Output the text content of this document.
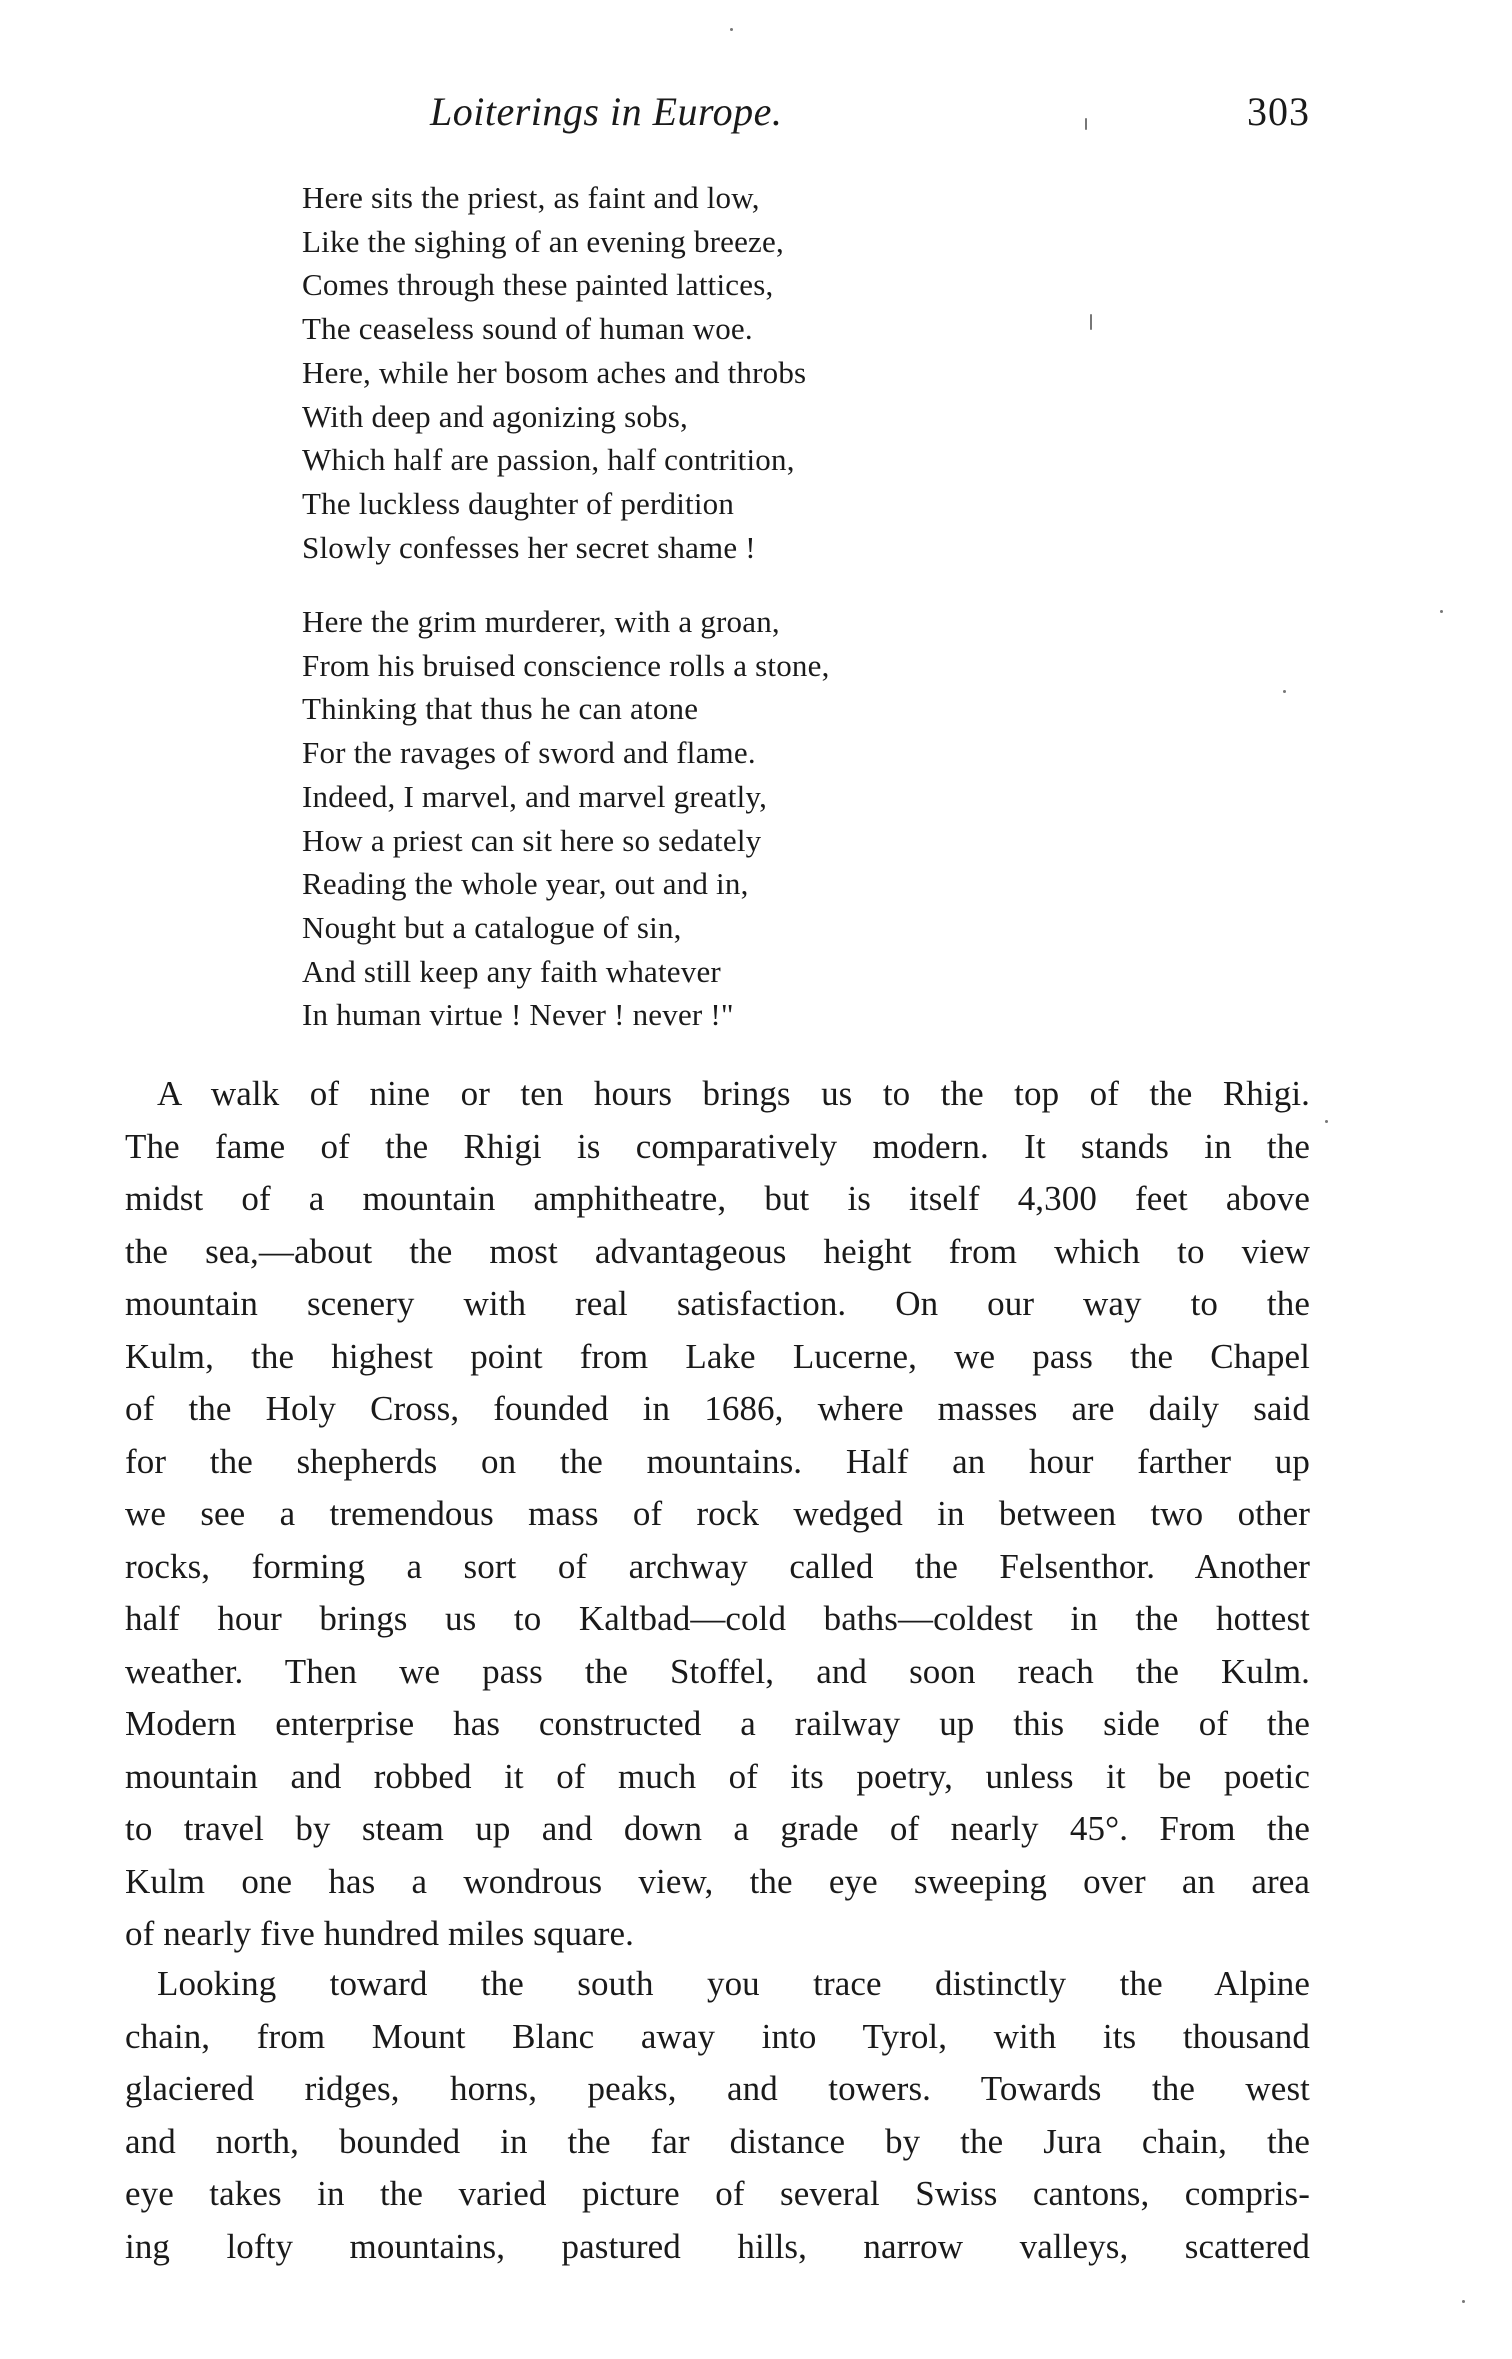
Loiterings in Europe.	303
Here sits the priest, as faint and low,
Like the sighing of an evening breeze,
Comes through these painted lattices,
The ceaseless sound of human woe.
Here, while her bosom aches and throbs
With deep and agonizing sobs,
Which half are passion, half contrition,
The luckless daughter of perdition
Slowly confesses her secret shame !
Here the grim murderer, with a groan,
From his bruised conscience rolls a stone,
Thinking that thus he can atone
For the ravages of sword and flame.
Indeed, I marvel, and marvel greatly,
How a priest can sit here so sedately
Reading the whole year, out and in,
Nought but a catalogue of sin,
And still keep any faith whatever
In human virtue ! Never ! never !"
A walk of nine or ten hours brings us to the top of the Rhigi.
The fame of the Rhigi is comparatively modern. It stands in the
midst of a mountain amphitheatre, but is itself 4,300 feet above
the sea,—about the most advantageous height from which to view
mountain scenery with real satisfaction. On our way to the
Kulm, the highest point from Lake Lucerne, we pass the Chapel
of the Holy Cross, founded in 1686, where masses are daily said
for the shepherds on the mountains. Half an hour farther up
we see a tremendous mass of rock wedged in between two other
rocks, forming a sort of archway called the Felsenthor. Another
half hour brings us to Kaltbad—cold baths—coldest in the hottest
weather. Then we pass the Stoffel, and soon reach the Kulm.
Modern enterprise has constructed a railway up this side of the
mountain and robbed it of much of its poetry, unless it be poetic
to travel by steam up and down a grade of nearly 45°. From the
Kulm one has a wondrous view, the eye sweeping over an area
of nearly five hundred miles square.
Looking toward the south you trace distinctly the Alpine
chain, from Mount Blanc away into Tyrol, with its thousand
glaciered ridges, horns, peaks, and towers. Towards the west
and north, bounded in the far distance by the Jura chain, the
eye takes in the varied picture of several Swiss cantons, compris-
ing lofty mountains, pastured hills, narrow valleys, scattered
